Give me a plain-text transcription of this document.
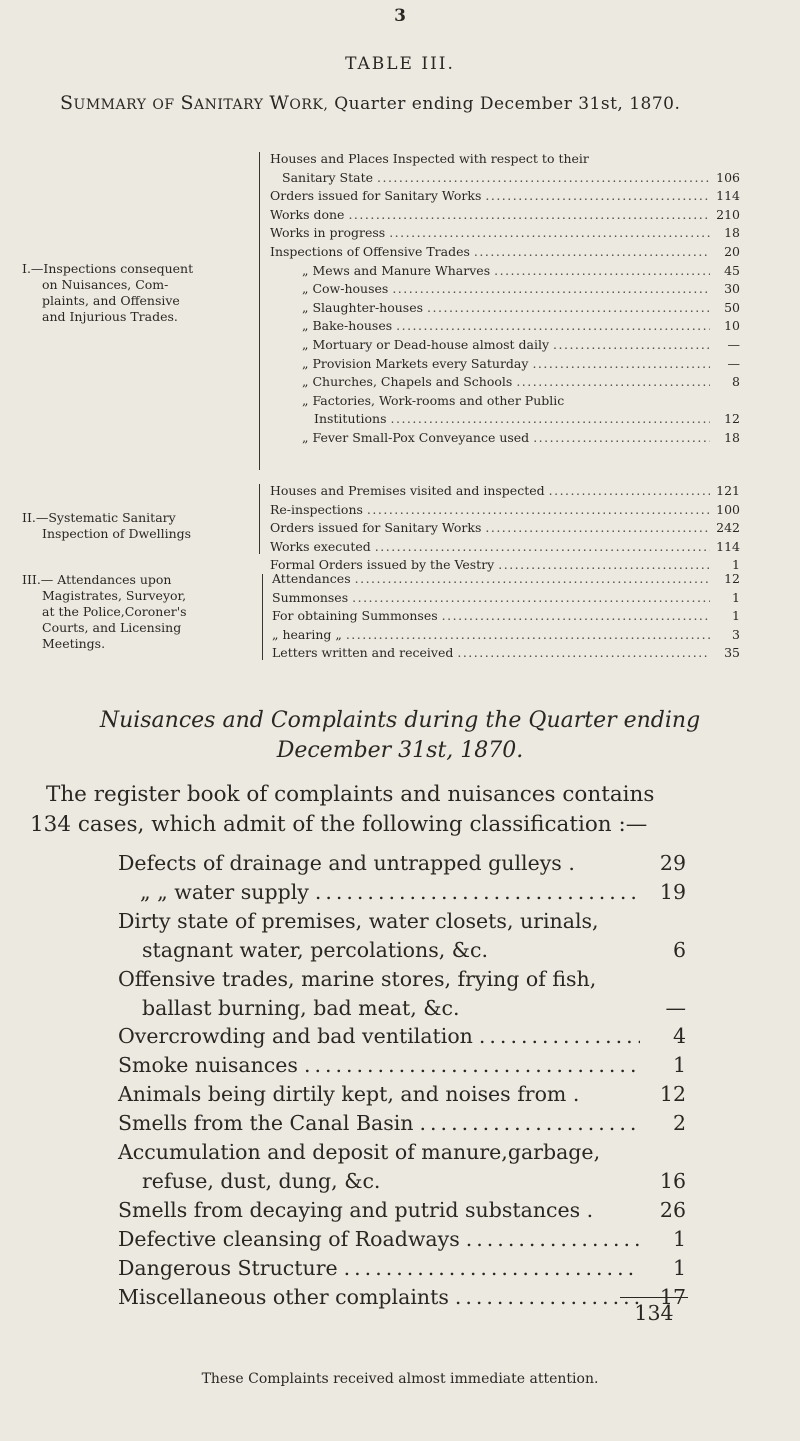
3
TABLE III.
SUMMARY OF SANITARY WORK, Quarter ending December 31st, 1870.
I.—Inspections consequent
on Nuisances, Com-
plaints, and Offensive
and Injurious Trades.
Houses and Places Inspected with respect to their
Sanitary State .....	106
Orders issued for Sanitary Works .....	114
Works done .....	210
Works in progress .....	18
Inspections of Offensive Trades .....	20
„ Mews and Manure Wharves .....	45
„ Cow-houses .....	30
„ Slaughter-houses .....	50
„ Bake-houses .....	10
„ Mortuary or Dead-house almost daily .....	—
„ Provision Markets every Saturday .....	—
„ Churches, Chapels and Schools .....	8
„ Factories, Work-rooms and other Public
Institutions .....	12
„ Fever Small-Pox Conveyance used .....	18
II.—Systematic Sanitary
Inspection of Dwellings
Houses and Premises visited and inspected .....	121
Re-inspections .....	100
Orders issued for Sanitary Works .....	242
Works executed .....	114
Formal Orders issued by the Vestry .....	1
III.— Attendances upon
Magistrates, Surveyor,
at the Police,Coroner's
Courts, and Licensing
Meetings.
Attendances .....	12
Summonses .....	1
For obtaining Summonses .....	1
„ hearing „ .....	3
Letters written and received .....	35
Nuisances and Complaints during the Quarter ending
December 31st, 1870.
The register book of complaints and nuisances contains
134 cases, which admit of the following classification :—
Defects of drainage and untrapped gulleys .	29
„ „ water supply .....	19
Dirty state of premises, water closets, urinals,
stagnant water, percolations, &c.	6
Offensive trades, marine stores, frying of fish,
ballast burning, bad meat, &c.	—
Overcrowding and bad ventilation .....	4
Smoke nuisances .....	1
Animals being dirtily kept, and noises from .	12
Smells from the Canal Basin .....	2
Accumulation and deposit of manure,garbage,
refuse, dust, dung, &c.	16
Smells from decaying and putrid substances .	26
Defective cleansing of Roadways .....	1
Dangerous Structure .....	1
Miscellaneous other complaints .....	17
134
These Complaints received almost immediate attention.
